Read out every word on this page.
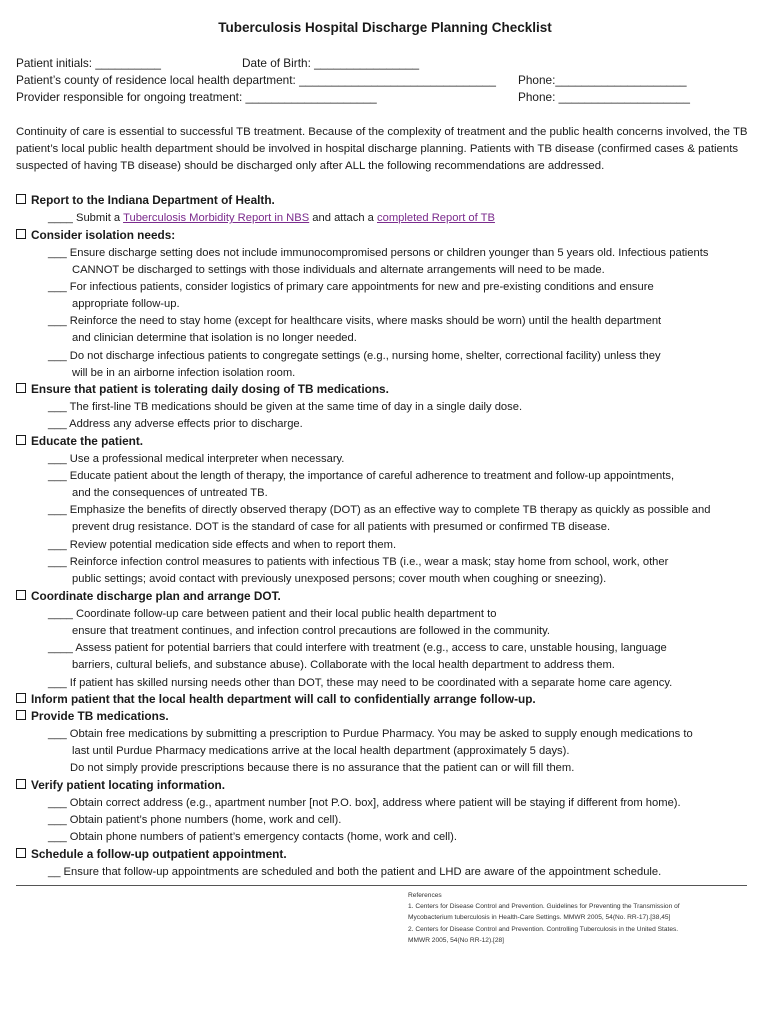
Tuberculosis Hospital Discharge Planning Checklist
Patient initials: __________	Date of Birth: ________________
Patient’s county of residence local health department: ______________________________ Phone:____________________
Provider responsible for ongoing treatment: ____________________	Phone: ____________________
Continuity of care is essential to successful TB treatment. Because of the complexity of treatment and the public health concerns involved, the TB patient’s local public health department should be involved in hospital discharge planning. Patients with TB disease (confirmed cases & patients suspected of having TB disease) should be discharged only after ALL the following recommendations are addressed.
Report to the Indiana Department of Health.
____ Submit a Tuberculosis Morbidity Report in NBS and attach a completed Report of TB
Consider isolation needs:
___ Ensure discharge setting does not include immunocompromised persons or children younger than 5 years old. Infectious patients
CANNOT be discharged to settings with those individuals and alternate arrangements will need to be made.
___ For infectious patients, consider logistics of primary care appointments for new and pre-existing conditions and ensure
appropriate follow-up.
___ Reinforce the need to stay home (except for healthcare visits, where masks should be worn) until the health department
and clinician determine that isolation is no longer needed.
___ Do not discharge infectious patients to congregate settings (e.g., nursing home, shelter, correctional facility) unless they
will be in an airborne infection isolation room.
Ensure that patient is tolerating daily dosing of TB medications.
___ The first-line TB medications should be given at the same time of day in a single daily dose.
___ Address any adverse effects prior to discharge.
Educate the patient.
___ Use a professional medical interpreter when necessary.
___ Educate patient about the length of therapy, the importance of careful adherence to treatment and follow-up appointments,
and the consequences of untreated TB.
___ Emphasize the benefits of directly observed therapy (DOT) as an effective way to complete TB therapy as quickly as possible and
prevent drug resistance. DOT is the standard of case for all patients with presumed or confirmed TB disease.
___ Review potential medication side effects and when to report them.
___ Reinforce infection control measures to patients with infectious TB (i.e., wear a mask; stay home from school, work, other
public settings; avoid contact with previously unexposed persons; cover mouth when coughing or sneezing).
Coordinate discharge plan and arrange DOT.
____ Coordinate follow-up care between patient and their local public health department to
ensure that treatment continues, and infection control precautions are followed in the community.
____ Assess patient for potential barriers that could interfere with treatment (e.g., access to care, unstable housing, language
barriers, cultural beliefs, and substance abuse). Collaborate with the local health department to address them.
___ If patient has skilled nursing needs other than DOT, these may need to be coordinated with a separate home care agency.
Inform patient that the local health department will call to confidentially arrange follow-up.
Provide TB medications.
___ Obtain free medications by submitting a prescription to Purdue Pharmacy. You may be asked to supply enough medications to
last until Purdue Pharmacy medications arrive at the local health department (approximately 5 days).
Do not simply provide prescriptions because there is no assurance that the patient can or will fill them.
Verify patient locating information.
___ Obtain correct address (e.g., apartment number [not P.O. box], address where patient will be staying if different from home).
___ Obtain patient’s phone numbers (home, work and cell).
___ Obtain phone numbers of patient’s emergency contacts (home, work and cell).
Schedule a follow-up outpatient appointment.
__ Ensure that follow-up appointments are scheduled and both the patient and LHD are aware of the appointment schedule.
References
1. Centers for Disease Control and Prevention. Guidelines for Preventing the Transmission of
Mycobacterium tuberculosis in Health-Care Settings. MMWR 2005, 54(No. RR-17).[38,45]
2. Centers for Disease Control and Prevention. Controlling Tuberculosis in the United States.
MMWR 2005, 54(No RR-12).[28]
